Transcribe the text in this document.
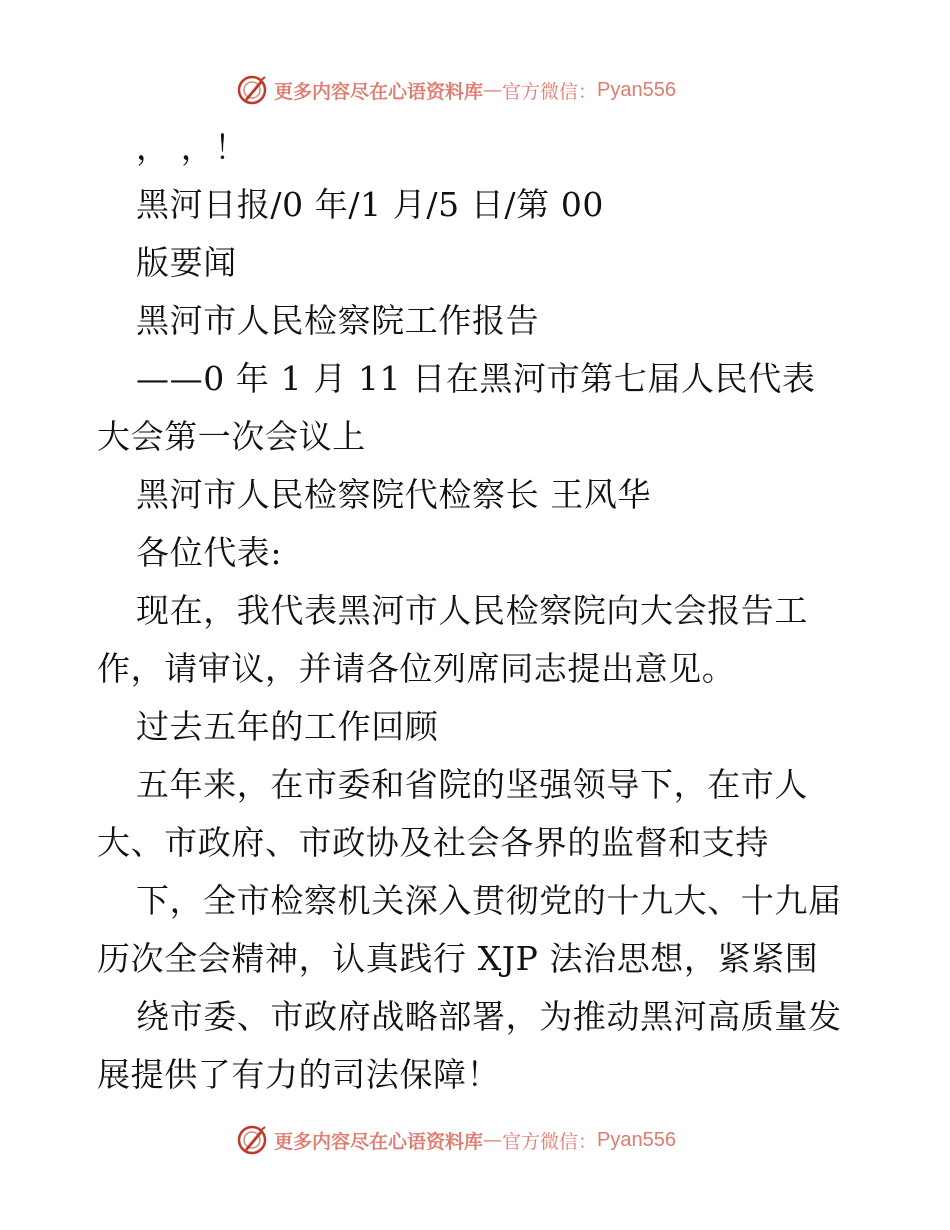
更多内容尽在心语资料库 — 官方微信： Pyan556
， ，！
黑河日报/0 年/1 月/5 日/第 00
版要闻
黑河市人民检察院工作报告
——0 年 1 月 11 日在黑河市第七届人民代表
大会第一次会议上
黑河市人民检察院代检察长 王风华
各位代表:
现在，我代表黑河市人民检察院向大会报告工
作，请审议，并请各位列席同志提出意见。
过去五年的工作回顾
五年来，在市委和省院的坚强领导下，在市人
大、市政府、市政协及社会各界的监督和支持
下，全市检察机关深入贯彻党的十九大、十九届
历次全会精神，认真践行 XJP 法治思想，紧紧围
绕市委、市政府战略部署，为推动黑河高质量发
展提供了有力的司法保障！
更多内容尽在心语资料库 — 官方微信： Pyan556
